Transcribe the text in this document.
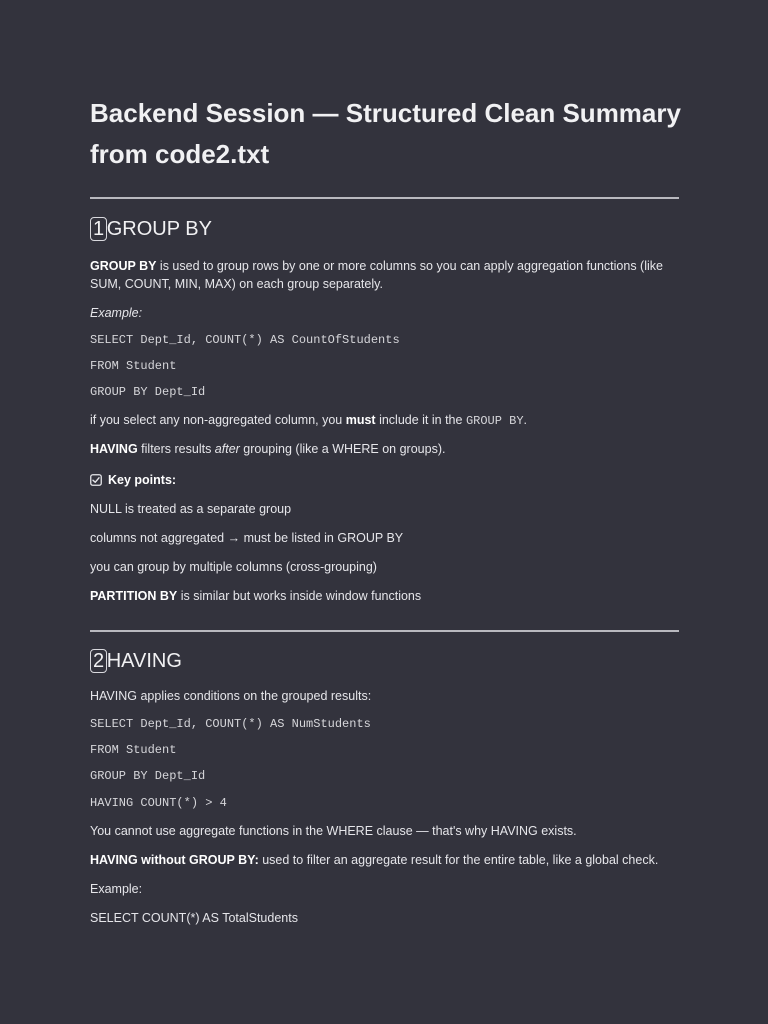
Backend Session — Structured Clean Summary from code2.txt
1 GROUP BY
GROUP BY is used to group rows by one or more columns so you can apply aggregation functions (like
SUM, COUNT, MIN, MAX) on each group separately.
Example:
SELECT Dept_Id, COUNT(*) AS CountOfStudents
FROM Student
GROUP BY Dept_Id
if you select any non-aggregated column, you must include it in the GROUP BY.
HAVING filters results after grouping (like a WHERE on groups).
Key points:
NULL is treated as a separate group
columns not aggregated → must be listed in GROUP BY
you can group by multiple columns (cross-grouping)
PARTITION BY is similar but works inside window functions
2 HAVING
HAVING applies conditions on the grouped results:
SELECT Dept_Id, COUNT(*) AS NumStudents
FROM Student
GROUP BY Dept_Id
HAVING COUNT(*) > 4
You cannot use aggregate functions in the WHERE clause — that's why HAVING exists.
HAVING without GROUP BY: used to filter an aggregate result for the entire table, like a global check.
Example:
SELECT COUNT(*) AS TotalStudents
